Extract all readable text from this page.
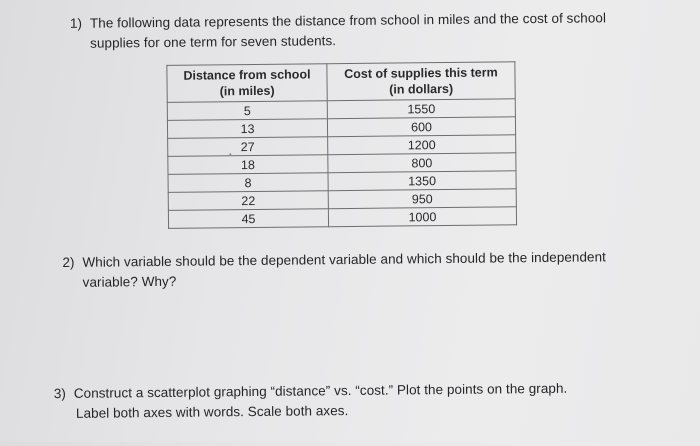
1) The following data represents the distance from school in miles and the cost of school
supplies for one term for seven students.
Distance from school
(in miles)	Cost of supplies this term
(in dollars)
5	1550
13	600
27	1200
18	800
8	1350
22	950
45	1000
2) Which variable should be the dependent variable and which should be the independent
variable? Why?
3) Construct a scatterplot graphing “distance” vs. “cost.” Plot the points on the graph.
Label both axes with words. Scale both axes.
